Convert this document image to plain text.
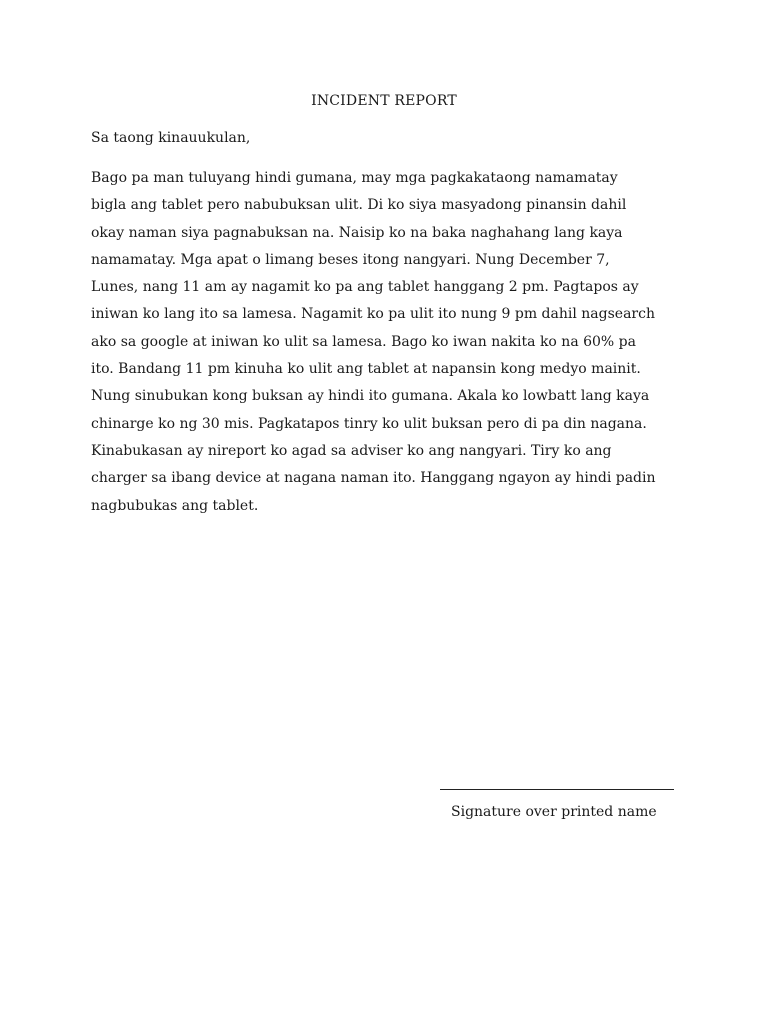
INCIDENT REPORT
Sa taong kinauukulan,
Bago pa man tuluyang hindi gumana, may mga pagkakataong namamatay
bigla ang tablet pero nabubuksan ulit. Di ko siya masyadong pinansin dahil
okay naman siya pagnabuksan na. Naisip ko na baka naghahang lang kaya
namamatay. Mga apat o limang beses itong nangyari. Nung December 7,
Lunes, nang 11 am ay nagamit ko pa ang tablet hanggang 2 pm. Pagtapos ay
iniwan ko lang ito sa lamesa. Nagamit ko pa ulit ito nung 9 pm dahil nagsearch
ako sa google at iniwan ko ulit sa lamesa. Bago ko iwan nakita ko na 60% pa
ito. Bandang 11 pm kinuha ko ulit ang tablet at napansin kong medyo mainit.
Nung sinubukan kong buksan ay hindi ito gumana. Akala ko lowbatt lang kaya
chinarge ko ng 30 mis. Pagkatapos tinry ko ulit buksan pero di pa din nagana.
Kinabukasan ay nireport ko agad sa adviser ko ang nangyari. Tiry ko ang
charger sa ibang device at nagana naman ito. Hanggang ngayon ay hindi padin
nagbubukas ang tablet.
Signature over printed name
